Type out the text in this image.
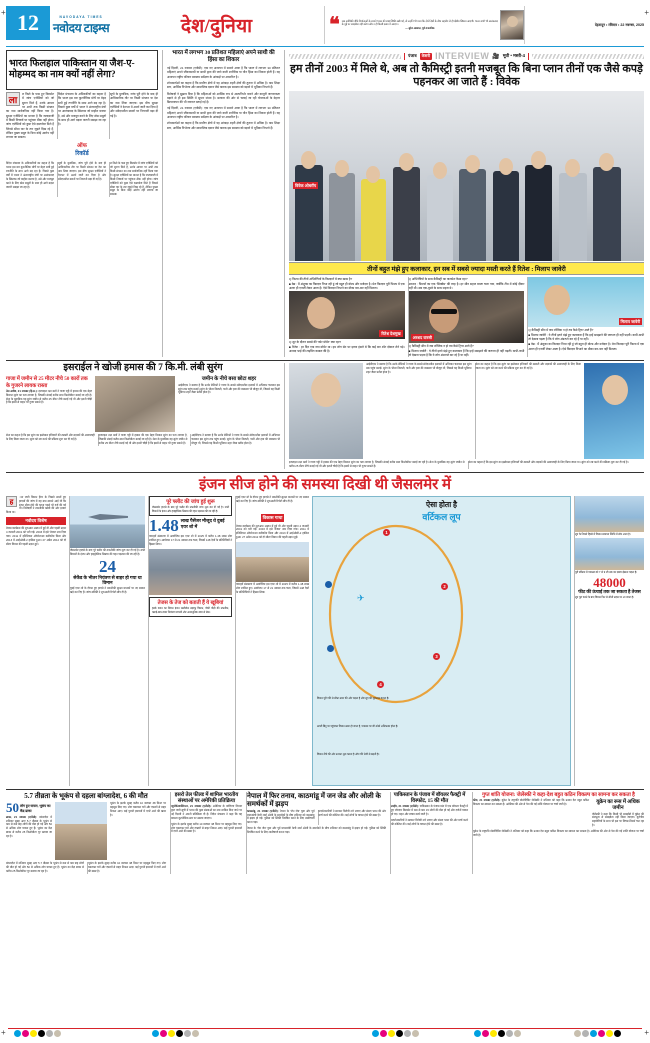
12	NAVODAYA TIMES
नवोदय टाइम्स	देश/दुनिया	❝ जब अमेरिकी नीति निर्माताओं के सामने भारत की स्पष्ट स्थिति रखी गई, तो उन्होंने भी माना कि दोनों देशों के बीच सहयोग से ही क्षेत्रीय स्थिरता आएगी। भारत कभी भी आतंकवाद के मुद्दे पर समझौता नहीं करेगा और न ही किसी दबाव में आएगा।
— सुरेश अग्रवाल, पूर्व राजनयिक
देहरादून • रविवार • 22 नवम्बर, 2025
भारत फिलहाल पाकिस्तान या जैश-ए-मोहम्मद का नाम क्यों नहीं लेगा?
ला
ल किले के पास हुए विस्फोट में जांच एजेंसियों को जो सुराग मिले हैं, उनके आधार पर अभी तक किसी संगठन का नाम सार्वजनिक नहीं किया गया है। सुरक्षा एजेंसियों का मानना है कि जल्दबाजी में किसी निष्कर्ष पर पहुंचना ठीक नहीं होगा। जांच एजेंसियों को कुछ ऐसे दस्तावेज मिले हैं जिनसे सीमा पार के तार जुड़ते दिख रहे हैं, लेकिन पुख्ता सबूत के बिना कोई आरोप नहीं लगाया जा सकता।
विदेश मंत्रालय के अधिकारियों का कहना है कि भारत इस बार कूटनीतिक मोर्चे पर बेहद सधी हुई रणनीति के साथ आगे बढ़ रहा है। पिछले कुछ वर्षों में भारत ने अंतरराष्ट्रीय मंचों पर आतंकवाद के खिलाफ जो माहौल बनाया है, उसे और मजबूत करने के लिए ठोस सबूतों के साथ ही आगे बढ़ना जरूरी समझा जा रहा है।
सूत्रों के मुताबिक, जांच पूरी होने के बाद ही आधिकारिक तौर पर किसी संगठन या देश का नाम लिया जाएगा। इस बीच सुरक्षा एजेंसियों ने देशभर में अलर्ट जारी कर दिया है और संवेदनशील स्थानों पर निगरानी बढ़ा दी गई है।
ऑफ
रिकॉर्ड
विदेश मंत्रालय के अधिकारियों का कहना है कि भारत इस बार कूटनीतिक मोर्चे पर बेहद सधी हुई रणनीति के साथ आगे बढ़ रहा है। पिछले कुछ वर्षों में भारत ने अंतरराष्ट्रीय मंचों पर आतंकवाद के खिलाफ जो माहौल बनाया है, उसे और मजबूत करने के लिए ठोस सबूतों के साथ ही आगे बढ़ना जरूरी समझा जा रहा है।
सूत्रों के मुताबिक, जांच पूरी होने के बाद ही आधिकारिक तौर पर किसी संगठन या देश का नाम लिया जाएगा। इस बीच सुरक्षा एजेंसियों ने देशभर में अलर्ट जारी कर दिया है और संवेदनशील स्थानों पर निगरानी बढ़ा दी गई है।
ल किले के पास हुए विस्फोट में जांच एजेंसियों को जो सुराग मिले हैं, उनके आधार पर अभी तक किसी संगठन का नाम सार्वजनिक नहीं किया गया है। सुरक्षा एजेंसियों का मानना है कि जल्दबाजी में किसी निष्कर्ष पर पहुंचना ठीक नहीं होगा। जांच एजेंसियों को कुछ ऐसे दस्तावेज मिले हैं जिनसे सीमा पार के तार जुड़ते दिख रहे हैं, लेकिन पुख्ता सबूत के बिना कोई आरोप नहीं लगाया जा सकता।
भारत में लगभग 30 प्रतिशत महिलाएं अपने साथी की हिंसा का शिकार
नई दिल्ली, 21 नवम्बर (एजेंसी): एक नए अध्ययन में सामने आया है कि भारत में लगभग 30 प्रतिशत महिलाएं अपने जीवनसाथी या साथी द्वारा की जाने वाली शारीरिक या यौन हिंसा का शिकार होती हैं। यह अध्ययन राष्ट्रीय परिवार स्वास्थ्य सर्वेक्षण के आंकड़ों पर आधारित है।
शोधकर्ताओं का कहना है कि ग्रामीण क्षेत्रों में यह आंकड़ा शहरी क्षेत्रों की तुलना में अधिक है। कम शिक्षा स्तर, आर्थिक निर्भरता और सामाजिक दबाव जैसे कारक इस समस्या को बढ़ाने में भूमिका निभाते हैं।
विशेषज्ञों ने सुझाव दिया है कि महिलाओं को आर्थिक रूप से आत्मनिर्भर बनाने और कानूनी जागरूकता बढ़ाने से ही इस स्थिति में सुधार संभव है। सरकार की ओर से चलाई जा रही योजनाओं के बेहतर क्रियान्वयन की भी जरूरत बताई गई है।
नई दिल्ली, 21 नवम्बर (एजेंसी): एक नए अध्ययन में सामने आया है कि भारत में लगभग 30 प्रतिशत महिलाएं अपने जीवनसाथी या साथी द्वारा की जाने वाली शारीरिक या यौन हिंसा का शिकार होती हैं। यह अध्ययन राष्ट्रीय परिवार स्वास्थ्य सर्वेक्षण के आंकड़ों पर आधारित है।
शोधकर्ताओं का कहना है कि ग्रामीण क्षेत्रों में यह आंकड़ा शहरी क्षेत्रों की तुलना में अधिक है। कम शिक्षा स्तर, आर्थिक निर्भरता और सामाजिक दबाव जैसे कारक इस समस्या को बढ़ाने में भूमिका निभाते हैं।
पंजाब	केसरी INTERVIEW 🎥 मूवी • मस्ती-4
हम तीनों 2003 में मिले थे, अब तो कैमिस्ट्री इतनी मजबूत कि बिना प्लान तीनों एक जैसे कपड़े पहनकर आ जाते हैं : विवेक
विवेक ओबरॉय
तीनों बहुत मंझे हुए कलाकार, इन सब में सबसे ज्यादा मस्ती करते हैं रितेश : मिलाप जावेरी
Q फिल्म की तीनों अभिनेत्रियों के किरदारों में क्या खास है?
■ वेद्य : मैं अंशुका का किरदार निभा रही हूं जो बहुत ही बोल्ड और मजेदार है। मेरा किरदार पूरी फिल्म में एक अलग ही एनर्जी लेकर आता है। ऐसे किरदार निभाने का मौका बार-बार नहीं मिलता।
रितेश देशमुख
Q शूट के दौरान सबसे की 'कोर मोमेंट' क्या रहा?
■ रितेश : हर दिन एक नया मोमेंट था। हम लोग सेट पर इतना हंसते थे कि कई बार शॉट दोबारा लेने पड़े। अरशद भाई की टाइमिंग कमाल की है।
Q अभिनेत्रियों के साथ कैमिस्ट्री का तालमेल कैसा रहा?
अरशद : फिल्मों का एक 'सिक्वेंस' की तरह है। हर सीन सहज बनता चला गया, क्योंकि टीम में कोई दीवार नहीं थी। सब एक-दूसरे के साथ सहज थे।
अरशद वारसी
Q कैमिस्ट्री सीन में जब लॉजिक न हो तब कैसे ट्रिगर आते हैं?
■ मिलाप जावेरी : ये तीनों इतने मंझे हुए कलाकार हैं कि इन्हें समझाने की जरूरत ही नहीं पड़ती। कभी-कभी तो देखना पड़ता है कि ये लोग अंडरप्ले कर रहे हैं या नहीं।
मिलाप जावेरी
Q कैमिस्ट्री सीन में जब लॉजिक न हो तब कैसे ट्रिगर आते हैं?
■ मिलाप जावेरी : ये तीनों इतने मंझे हुए कलाकार हैं कि इन्हें समझाने की जरूरत ही नहीं पड़ती। कभी-कभी तो देखना पड़ता है कि ये लोग अंडरप्ले कर रहे हैं या नहीं।
■ वेद्य : मैं अंशुका का किरदार निभा रही हूं जो बहुत ही बोल्ड और मजेदार है। मेरा किरदार पूरी फिल्म में एक अलग ही एनर्जी लेकर आता है। ऐसे किरदार निभाने का मौका बार-बार नहीं मिलता।
इसराईल ने खोजी हमास की 7 कि.मी. लंबी सुरंग
गाजा में जमीन से 25 मीटर नीचे 50 कारों तक के गुजरने लायक रास्ता
तेल अवीव, 21 नवम्बर (हि.स.): इजराइल रक्षा बलों ने गाजा पट्टी में हमास की एक बेहद विशाल सुरंग का पता लगाया है, जिसकी लंबाई करीब सात किलोमीटर बताई जा रही है। सेना के मुताबिक यह सुरंग जमीन से करीब 25 मीटर नीचे बनाई गई थी और इतनी चौड़ी है कि इसमें से वाहन भी गुजर सकते हैं।
जमीन के नीचे बसा छोटा शहर
आईडीएफ ने बताया है कि उनके सैनिकों ने गाजा के सबसे संवेदनशील इलाकों में अभियान चलाकर इस सुरंग तक पहुंच बनाई। सुरंग के भीतर बिजली, पानी और हवा की व्यवस्था भी मौजूद थी, जिससे यह किसी भूमिगत शहर जैसा प्रतीत होता है।
सेना का कहना है कि इस सुरंग का इस्तेमाल हथियारों की तस्करी और लड़ाकों की आवाजाही के लिए किया जाता था। सुरंग को नष्ट करने की प्रक्रिया शुरू कर दी गई है।
इजराइल रक्षा बलों ने गाजा पट्टी में हमास की एक बेहद विशाल सुरंग का पता लगाया है, जिसकी लंबाई करीब सात किलोमीटर बताई जा रही है। सेना के मुताबिक यह सुरंग जमीन से करीब 25 मीटर नीचे बनाई गई थी और इतनी चौड़ी है कि इसमें से वाहन भी गुजर सकते हैं।
आईडीएफ ने बताया है कि उनके सैनिकों ने गाजा के सबसे संवेदनशील इलाकों में अभियान चलाकर इस सुरंग तक पहुंच बनाई। सुरंग के भीतर बिजली, पानी और हवा की व्यवस्था भी मौजूद थी, जिससे यह किसी भूमिगत शहर जैसा प्रतीत होता है।
आईडीएफ ने बताया है कि उनके सैनिकों ने गाजा के सबसे संवेदनशील इलाकों में अभियान चलाकर इस सुरंग तक पहुंच बनाई। सुरंग के भीतर बिजली, पानी और हवा की व्यवस्था भी मौजूद थी, जिससे यह किसी भूमिगत शहर जैसा प्रतीत होता है।
सेना का कहना है कि इस सुरंग का इस्तेमाल हथियारों की तस्करी और लड़ाकों की आवाजाही के लिए किया जाता था। सुरंग को नष्ट करने की प्रक्रिया शुरू कर दी गई है।
इजराइल रक्षा बलों ने गाजा पट्टी में हमास की एक बेहद विशाल सुरंग का पता लगाया है, जिसकी लंबाई करीब सात किलोमीटर बताई जा रही है। सेना के मुताबिक यह सुरंग जमीन से करीब 25 मीटर नीचे बनाई गई थी और इतनी चौड़ी है कि इसमें से वाहन भी गुजर सकते हैं।
सेना का कहना है कि इस सुरंग का इस्तेमाल हथियारों की तस्करी और लड़ाकों की आवाजाही के लिए किया जाता था। सुरंग को नष्ट करने की प्रक्रिया शुरू कर दी गई है।
इंजन सीज होने की समस्या दिखी थी जैसलमेर में
ह
ाल जारी विमान हैंगर के पिछले सालों हुए हादसों की जांच में यह बात सामने आई थी कि इंजन सीज होने की घटना पहले भी दर्ज की गई थी। विशेषज्ञों ने तकनीकी खामी की ओर इशारा किया था।
नवोदय विशेष
तेजस कार्यक्रम की शुरुआत 1983 में हुई थी और पहली उड़ान 4 जनवरी 2001 को भरी गई। 2003 में इसे 'तेजस' नाम दिया गया। 2011 में इनिशियल ऑपरेशनल क्लीयरेंस मिला और 2013 में आईओसी-2 हासिल हुआ। 27 अप्रैल 2012 को दो सीटर विमान की पहली उड़ान हुई।
जैसलमेर हादसे के बाद पूरे फ्लीट की तकनीकी जांच शुरू कर दी गई है। सभी विमानों के इंजन और हाइड्रोलिक सिस्टम की गहन पड़ताल की जा रही है।
24
सेकेंड के भीतर नियंत्रण से बाहर हो गया था विमान
दुबई एयर शो के दौरान हुए हादसे ने तकनीकी सुरक्षा मानकों पर नए सवाल खड़े कर दिए हैं। जांच समिति ने शुरुआती रिपोर्ट सौंप दी है।
पूरे फ्लीट की जांच हुई शुरू
जैसलमेर हादसे के बाद पूरे फ्लीट की तकनीकी जांच शुरू कर दी गई है। सभी विमानों के इंजन और हाइड्रोलिक सिस्टम की गहन पड़ताल की जा रही है।
1.48 लाख पैसेंजर मौजूद थे दुबई एयर शो में
ग्यारहवें संस्करण में आयोजित इस एयर शो में 2025 में करीब 1.48 लाख लोग शामिल हुए। आयोजन 17 से 21 नवम्बर तक चला, जिसमें 148 देशों के प्रतिनिधियों ने हिस्सा लिया।
तेजस के तेज को बताती हैं ये खूबियां
हल्के वजन का सिंगल इंजन मल्टीरोल लड़ाकू विमान, चौथी पीढ़ी की तकनीक, फ्लाई-बाय-वायर नियंत्रण प्रणाली और अत्याधुनिक रडार से लैस।
दुबई एयर शो के दौरान हुए हादसे ने तकनीकी सुरक्षा मानकों पर नए सवाल खड़े कर दिए हैं। जांच समिति ने शुरुआती रिपोर्ट सौंप दी है।
विकास गाथा
तेजस कार्यक्रम की शुरुआत 1983 में हुई थी और पहली उड़ान 4 जनवरी 2001 को भरी गई। 2003 में इसे 'तेजस' नाम दिया गया। 2011 में इनिशियल ऑपरेशनल क्लीयरेंस मिला और 2013 में आईओसी-2 हासिल हुआ। 27 अप्रैल 2012 को दो सीटर विमान की पहली उड़ान हुई।
ग्यारहवें संस्करण में आयोजित इस एयर शो में 2025 में करीब 1.48 लाख लोग शामिल हुए। आयोजन 17 से 21 नवम्बर तक चला, जिसमें 148 देशों के प्रतिनिधियों ने हिस्सा लिया।
ऐसा होता है
वर्टिकल लूप
1
2
3
4
5
6
✈
विमान पूरी गति से सीधा ऊपर की ओर चढ़ता है और लूप की शुरुआत करता है।
ऊपरी बिंदु पर पहुंचकर विमान उल्टा हो जाता है, पायलट पर जी-फोर्स अधिकतम होता है।
विमान नीचे की ओर उतरना शुरू करता है और गति तेजी से बढ़ती है।
लूप के निचले हिस्से में विमान सामान्य स्थिति में लौट आता है।
पूरी प्रक्रिया में पायलट को 7 से 9 जी तक का दबाव झेलना पड़ता है।
48000
फीट की ऊंचाई तक जा सकता है तेजस
लूप पूरा करने के बाद विमान फिर से सीधी उड़ान पर आ जाता है।
5.7 तीव्रता के भूकंप से दहला बांग्लादेश, 6 की मौत
50 लोग हुए घायल, भूकंप का केंद्र ढाका
ढाका, 21 नवम्बर (एजेंसी): बांग्लादेश में शनिवार सुबह आए 5.7 तीव्रता के भूकंप से कम से कम छह लोगों की मौत हो गई और 50 से अधिक लोग घायल हुए हैं। भूकंप का केंद्र ढाका से करीब 25 किलोमीटर दूर बताया जा रहा है।
भूकंप के झटके सुबह करीब 10 बजकर 38 मिनट पर महसूस किए गए। लोग घबराकर घरों और दफ्तरों से बाहर निकल आए। कई पुरानी इमारतों में दरारें आने की खबर है।
बांग्लादेश में शनिवार सुबह आए 5.7 तीव्रता के भूकंप से कम से कम छह लोगों की मौत हो गई और 50 से अधिक लोग घायल हुए हैं। भूकंप का केंद्र ढाका से करीब 25 किलोमीटर दूर बताया जा रहा है।
भूकंप के झटके सुबह करीब 10 बजकर 38 मिनट पर महसूस किए गए। लोग घबराकर घरों और दफ्तरों से बाहर निकल आए। कई पुरानी इमारतों में दरारें आने की खबर है।
इसरो तेल फील्ड में शामिल भारतीय संस्थाओं पर अमेरिकी प्रतिक्रिया
न्यूयॉर्क/वाशिंगटन, 21 नवम्बर (एजेंसी): अमेरिका के वाणिज्य विभाग द्वारा जारी सूची में भारत की कुछ संस्थाओं का नाम शामिल किए जाने पर नई दिल्ली ने अपनी प्रतिक्रिया दी है। विदेश मंत्रालय ने कहा कि यह मामला कूटनीतिक स्तर पर उठाया जाएगा।
भूकंप के झटके सुबह करीब 10 बजकर 38 मिनट पर महसूस किए गए। लोग घबराकर घरों और दफ्तरों से बाहर निकल आए। कई पुरानी इमारतों में दरारें आने की खबर है।
नेपाल में फिर तनाव, काठमांडू में जन जेड और ओली के समर्थकों में झड़प
काठमांडू, 21 नवम्बर (एजेंसी): नेपाल के 'जेन जेड' युवा और पूर्व प्रधानमंत्री केपी शर्मा ओली के समर्थकों के बीच शनिवार को काठमांडू में झड़प हो गई। पुलिस को स्थिति नियंत्रित करने के लिए लाठीचार्ज करना पड़ा।
प्रदर्शनकारियों ने सरकार विरोधी नारे लगाए और संसद भवन की ओर मार्च करने की कोशिश की। कई लोगों के घायल होने की खबर है।
नेपाल के 'जेन जेड' युवा और पूर्व प्रधानमंत्री केपी शर्मा ओली के समर्थकों के बीच शनिवार को काठमांडू में झड़प हो गई। पुलिस को स्थिति नियंत्रित करने के लिए लाठीचार्ज करना पड़ा।
पाकिस्तान के पंजाब में बॉयलर फैक्ट्री में विस्फोट, 15 की मौत
लाहौर, 21 नवम्बर (एजेंसी): पाकिस्तान के पंजाब प्रांत में एक बॉयलर फैक्ट्री में हुए जोरदार विस्फोट में कम से कम 15 लोगों की मौत हो गई और दर्जनों घायल हो गए। राहत और बचाव कार्य जारी है।
प्रदर्शनकारियों ने सरकार विरोधी नारे लगाए और संसद भवन की ओर मार्च करने की कोशिश की। कई लोगों के घायल होने की खबर है।
गुप्त शांति योजना: जेलेंस्की ने कहा-देश बहुत कठिन विकल्प का सामना कर सकता है
कीव, 21 नवम्बर (एजेंसी): यूक्रेन के राष्ट्रपति वोलोदिमिर जेलेंस्की ने शनिवार को कहा कि उनका देश बहुत कठिन विकल्प का सामना कर सकता है। अमेरिका की ओर से पेश की गई शांति योजना पर चर्चा जारी है।	यूक्रेन का रूस में अधिक जमीन
जेलेंस्की ने कहा कि किसी भी समझौते में यूक्रेन की संप्रभुता से समझौता नहीं किया जाएगा। यूरोपीय सहयोगियों के साथ भी इस पर विचार-विमर्श चल रहा है।
यूक्रेन के राष्ट्रपति वोलोदिमिर जेलेंस्की ने शनिवार को कहा कि उनका देश बहुत कठिन विकल्प का सामना कर सकता है। अमेरिका की ओर से पेश की गई शांति योजना पर चर्चा जारी है।
+	+
+	+
